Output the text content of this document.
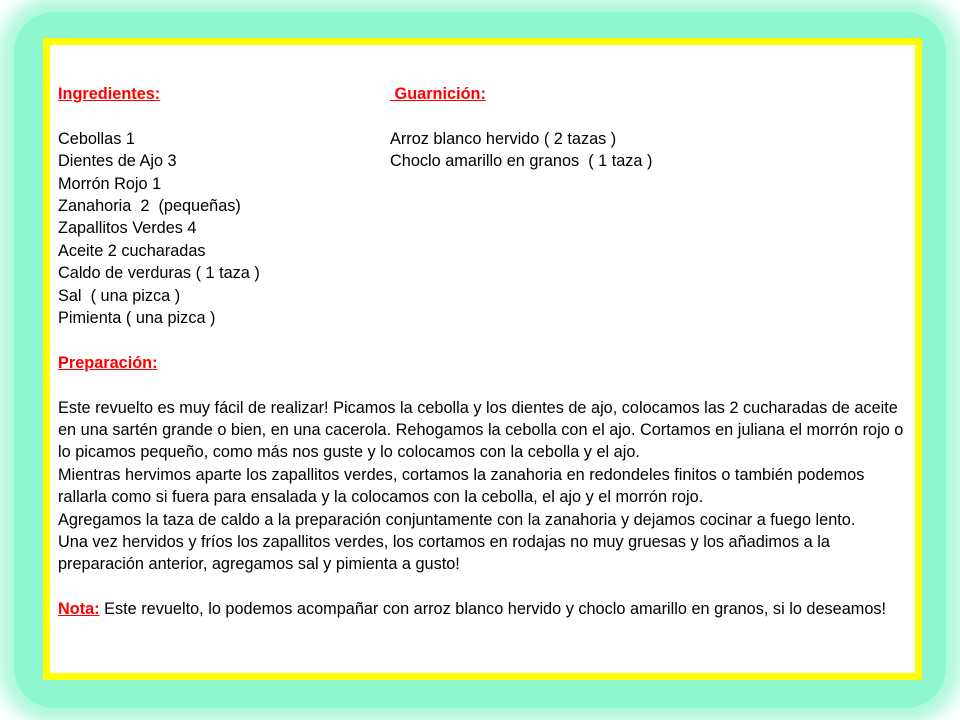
Ingredientes:	Guarnición:
Cebollas 1
Dientes de Ajo 3
Morrón Rojo 1
Zanahoria  2  (pequeñas)
Zapallitos Verdes 4
Aceite 2 cucharadas
Caldo de verduras ( 1 taza )
Sal  ( una pizca )
Pimienta ( una pizca )
Arroz blanco hervido ( 2 tazas )
Choclo amarillo en granos  ( 1 taza )
Preparación:
Este revuelto es muy fácil de realizar! Picamos la cebolla y los dientes de ajo, colocamos las 2 cucharadas de aceite en una sartén grande o bien, en una cacerola. Rehogamos la cebolla con el ajo. Cortamos en juliana el morrón rojo o lo picamos pequeño, como más nos guste y lo colocamos con la cebolla y el ajo.
Mientras hervimos aparte los zapallitos verdes, cortamos la zanahoria en redondeles finitos o también podemos rallarla como si fuera para ensalada y la colocamos con la cebolla, el ajo y el morrón rojo.
Agregamos la taza de caldo a la preparación conjuntamente con la zanahoria y dejamos cocinar a fuego lento.
Una vez hervidos y fríos los zapallitos verdes, los cortamos en rodajas no muy gruesas y los añadimos a la preparación anterior, agregamos sal y pimienta a gusto!
Nota: Este revuelto, lo podemos acompañar con arroz blanco hervido y choclo amarillo en granos, si lo deseamos!
